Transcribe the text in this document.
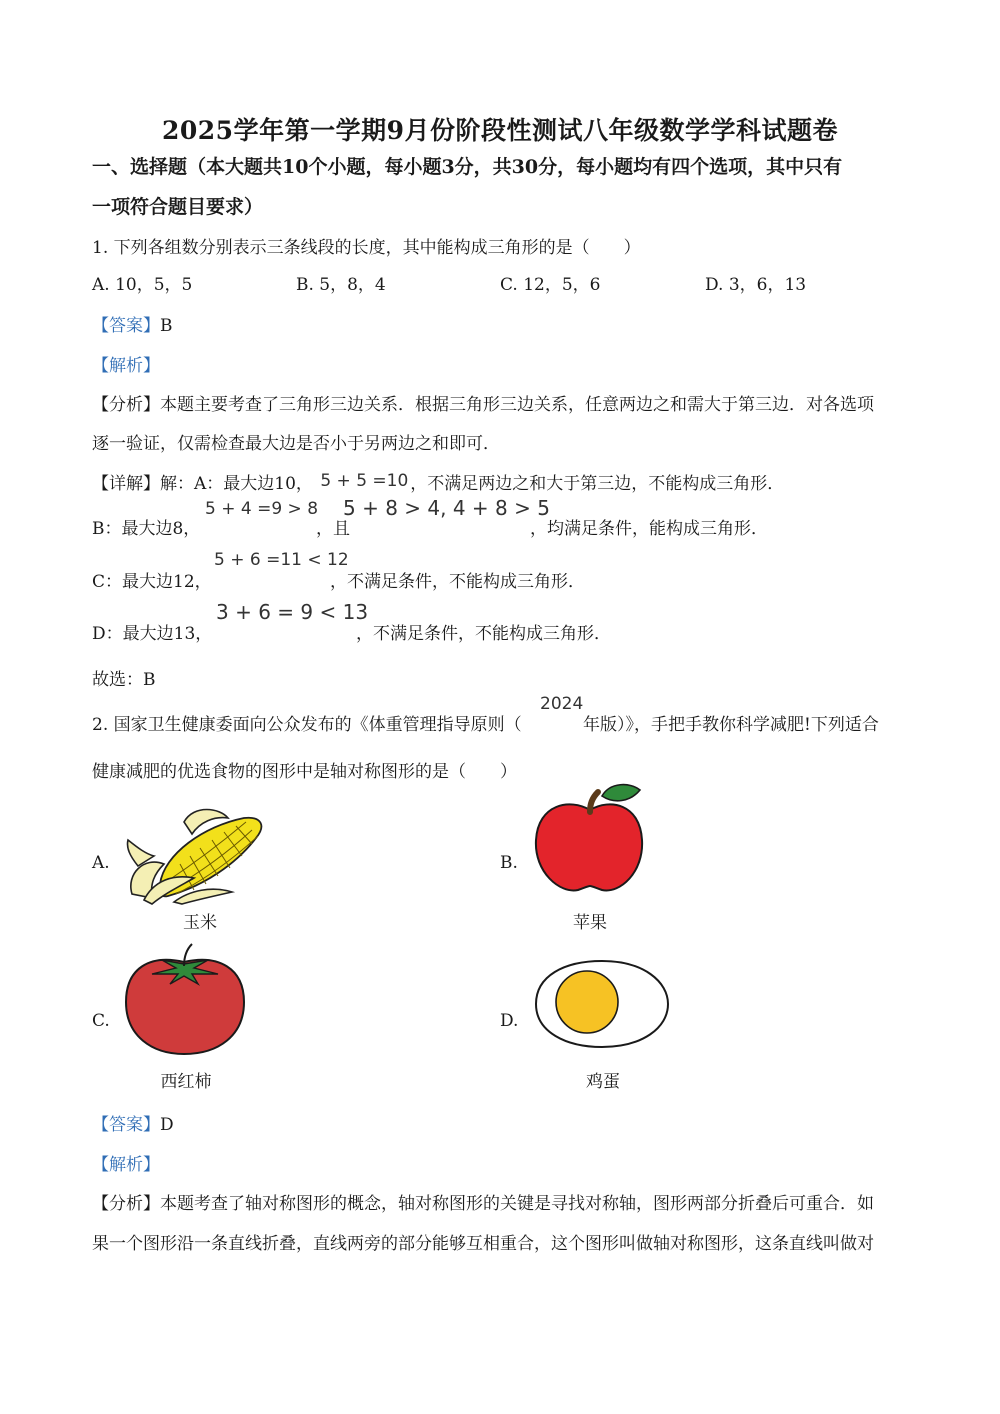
2025学年第一学期9月份阶段性测试八年级数学学科试题卷
一、选择题（本大题共10个小题，每小题3分，共30分，每小题均有四个选项，其中只有
一项符合题目要求）
1. 下列各组数分别表示三条线段的长度，其中能构成三角形的是（　　）
A. 10，5，5	B. 5，8，4	C. 12，5，6	D. 3，6，13
【答案】B
【解析】
【分析】本题主要考查了三角形三边关系．根据三角形三边关系，任意两边之和需大于第三边．对各选项
逐一验证，仅需检查最大边是否小于另两边之和即可．
【详解】解：A：最大边10， 5 + 5 =10 ，不满足两边之和大于第三边，不能构成三角形．
B：最大边8，
5 + 4 =9 > 8
，且
5 + 8 > 4, 4 + 8 > 5
，均满足条件，能构成三角形．
C：最大边12，
5 + 6 =11 < 12
，不满足条件，不能构成三角形．
D：最大边13，
3 + 6 = 9 < 13
，不满足条件，不能构成三角形．
故选：B
2. 国家卫生健康委面向公众发布的《体重管理指导原则（
2024
年版）》，手把手教你科学减肥!下列适合
健康减肥的优选食物的图形中是轴对称图形的是（　　）
A.
玉米
B.
苹果
C.
西红柿
D.
鸡蛋
【答案】D
【解析】
【分析】本题考查了轴对称图形的概念，轴对称图形的关键是寻找对称轴，图形两部分折叠后可重合．如
果一个图形沿一条直线折叠，直线两旁的部分能够互相重合，这个图形叫做轴对称图形，这条直线叫做对
